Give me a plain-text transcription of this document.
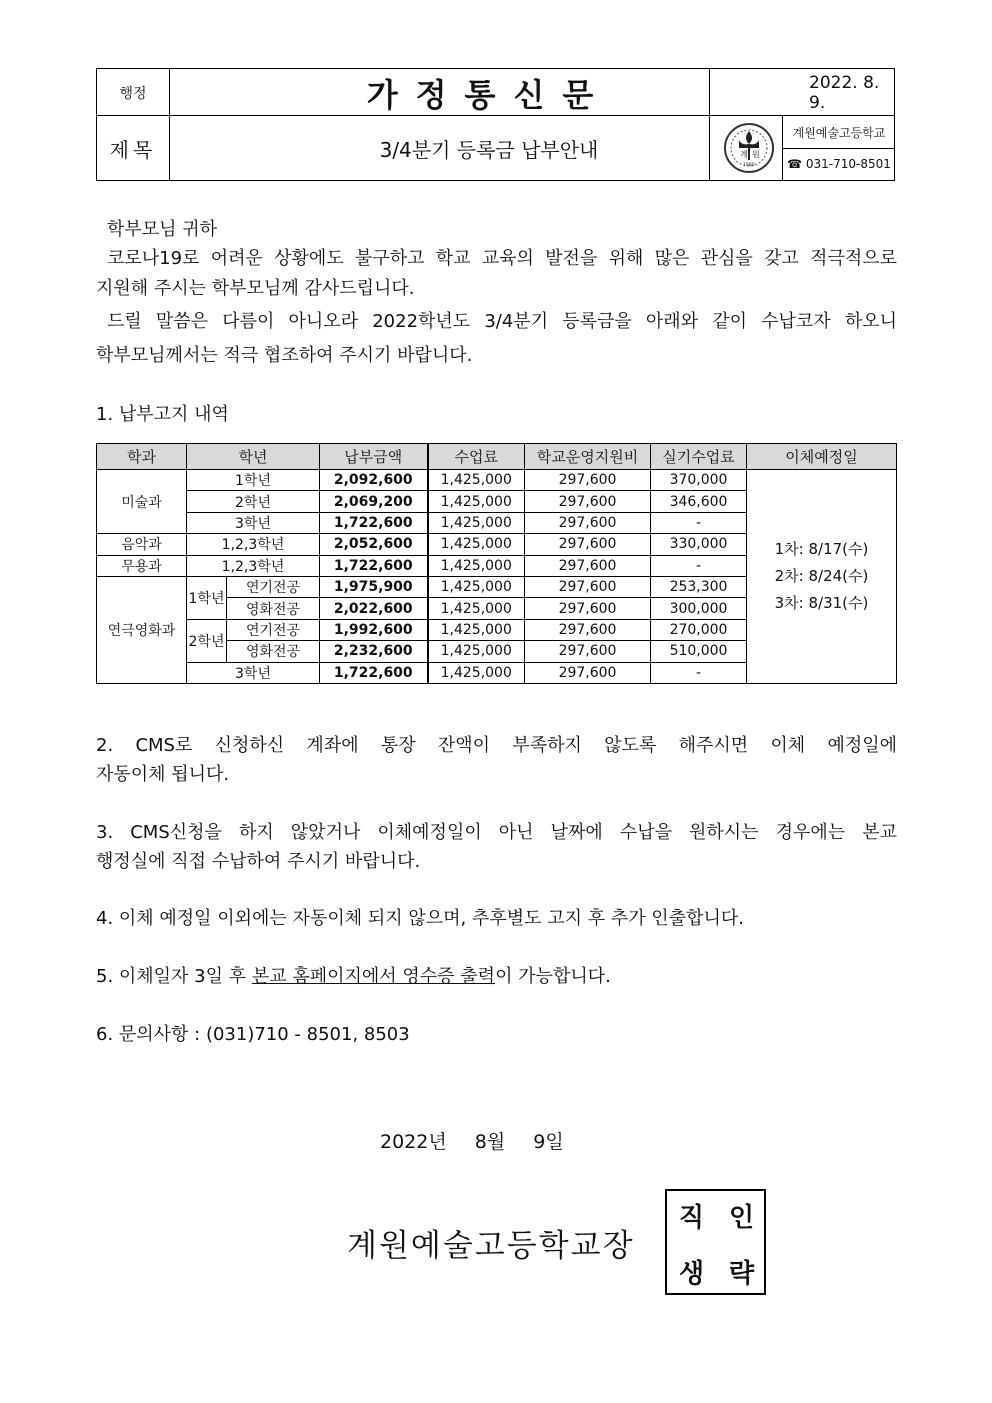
행정	가정통신문	2022. 8. 9.
제목	3/4분기 등록금 납부안내	계 원
1980
계원예술고등학교
☎ 031-710-8501
학부모님 귀하
코로나19로 어려운 상황에도 불구하고 학교 교육의 발전을 위해 많은 관심을 갖고 적극적으로
지원해 주시는 학부모님께 감사드립니다.
드릴 말씀은 다름이 아니오라 2022학년도 3/4분기 등록금을 아래와 같이 수납코자 하오니
학부모님께서는 적극 협조하여 주시기 바랍니다.
1. 납부고지 내역
학과	학년		납부금액	수업료	학교운영지원비	실기수업료	이체예정일
미술과	1학년		2,092,600	1,425,000	297,600	370,000	1차: 8/17(수)
2차: 8/24(수)
3차: 8/31(수)

	2학년		2,069,200	1,425,000	297,600	346,600	
	3학년		1,722,600	1,425,000	297,600	-	
음악과	1,2,3학년		2,052,600	1,425,000	297,600	330,000	
무용과	1,2,3학년		1,722,600	1,425,000	297,600	-	
연극영화과	1학년	연기전공	1,975,900	1,425,000	297,600	253,300	
		영화전공	2,022,600	1,425,000	297,600	300,000	
	2학년	연기전공	1,992,600	1,425,000	297,600	270,000	
		영화전공	2,232,600	1,425,000	297,600	510,000	
	3학년		1,722,600	1,425,000	297,600	-	
2. CMS로 신청하신 계좌에 통장 잔액이 부족하지 않도록 해주시면 이체 예정일에
자동이체 됩니다.
3. CMS신청을 하지 않았거나 이체예정일이 아닌 날짜에 수납을 원하시는 경우에는 본교
행정실에 직접 수납하여 주시기 바랍니다.
4. 이체 예정일 이외에는 자동이체 되지 않으며, 추후별도 고지 후 추가 인출합니다.
5. 이체일자 3일 후 본교 홈페이지에서 영수증 출력이 가능합니다.
6. 문의사항 : (031)710 - 8501, 8503
2022년 8월 9일
계원예술고등학교장
직 인
생 략
